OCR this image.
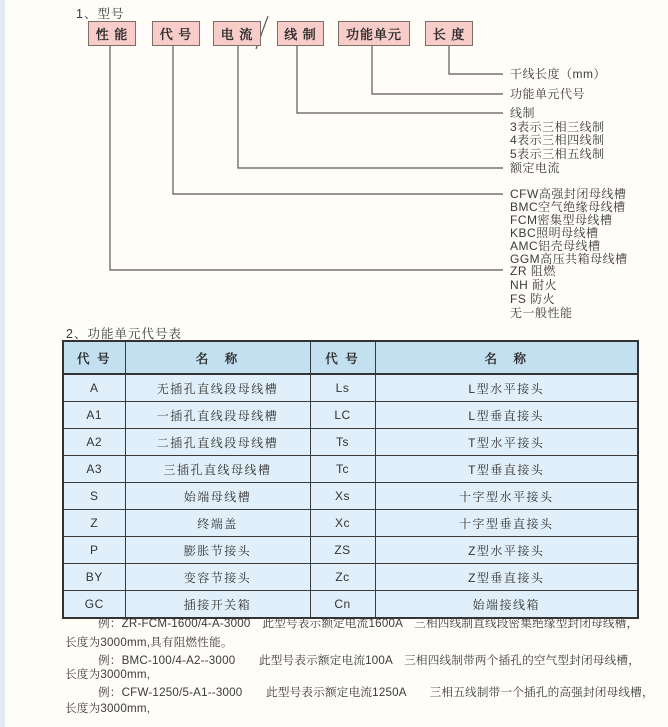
1、型号
性 能	代 号	电 流	线 制	功能单元	长 度
干线长度（mm）
功能单元代号
线制
3表示三相三线制
4表示三相四线制
5表示三相五线制
额定电流
CFW高强封闭母线槽
BMC空气绝缘母线槽
FCM密集型母线槽
KBC照明母线槽
AMC铝壳母线槽
GGM高压共箱母线槽
ZR 阻燃
NH 耐火
FS 防火
无一般性能
2、功能单元代号表
代 号	名　称	代 号	名　称
A	无插孔直线段母线槽	Ls	L型水平接头
A1	一插孔直线段母线槽	LC	L型垂直接头
A2	二插孔直线段母线槽	Ts	T型水平接头
A3	三插孔直线母线槽	Tc	T型垂直接头
S	始端母线槽	Xs	十字型水平接头
Z	终端盖	Xc	十字型垂直接头
P	膨胀节接头	ZS	Z型水平接头
BY	变容节接头	Zc	Z型垂直接头
GC	插接开关箱	Cn	始端接线箱
例：ZR-FCM-1600/4-A-3000　此型号表示额定电流1600A　三相四线制直线段密集绝缘型封闭母线槽，
长度为3000mm,具有阻燃性能。
例：BMC-100/4-A2--3000　　此型号表示额定电流100A　三相四线制带两个插孔的空气型封闭母线槽，
长度为3000mm,
例：CFW-1250/5-A1--3000　　此型号表示额定电流1250A　　三相五线制带一个插孔的高强封闭母线槽，
长度为3000mm,
